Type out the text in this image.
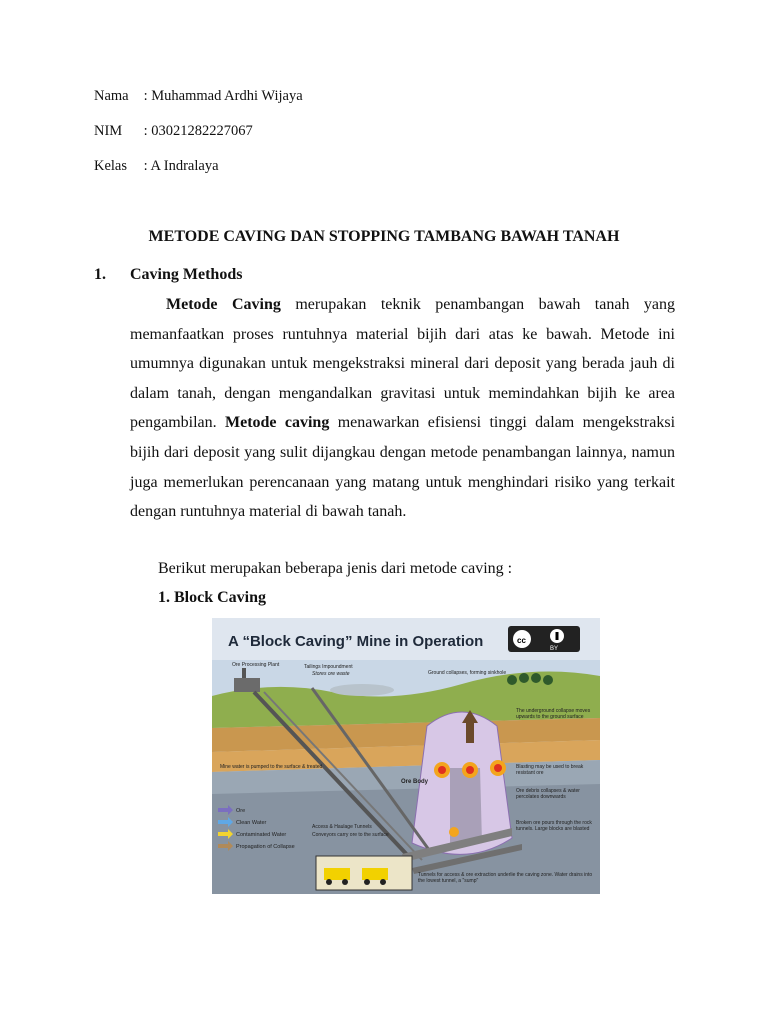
Nama : Muhammad Ardhi Wijaya
NIM : 03021282227067
Kelas : A Indralaya
METODE CAVING DAN STOPPING TAMBANG BAWAH TANAH
1. Caving Methods
Metode Caving merupakan teknik penambangan bawah tanah yang memanfaatkan proses runtuhnya material bijih dari atas ke bawah. Metode ini umumnya digunakan untuk mengekstraksi mineral dari deposit yang berada jauh di dalam tanah, dengan mengandalkan gravitasi untuk memindahkan bijih ke area pengambilan. Metode caving menawarkan efisiensi tinggi dalam mengekstraksi bijih dari deposit yang sulit dijangkau dengan metode penambangan lainnya, namun juga memerlukan perencanaan yang matang untuk menghindari risiko yang terkait dengan runtuhnya material di bawah tanah.
Berikut merupakan beberapa jenis dari metode caving :
1. Block Caving
A “Block Caving” Mine in Operation	cc
BY
Ore Body
Ore Processing Plant	Tailings Impoundment
Stores ore waste	Ground collapses, forming sinkhole
Mine water is pumped to the surface & treated
Access & Haulage Tunnels
Conveyors carry ore to the surface
The underground collapse moves upwards to the ground surface
Blasting may be used to break resistant ore
Ore debris collapses & water percolates downwards
Broken ore pours through the rock tunnels. Large blocks are blasted
Tunnels for access & ore extraction underlie the caving zone. Water drains into the lowest tunnel, a "sump"
Ore
Clean Water
Contaminated Water
Propagation of Collapse
